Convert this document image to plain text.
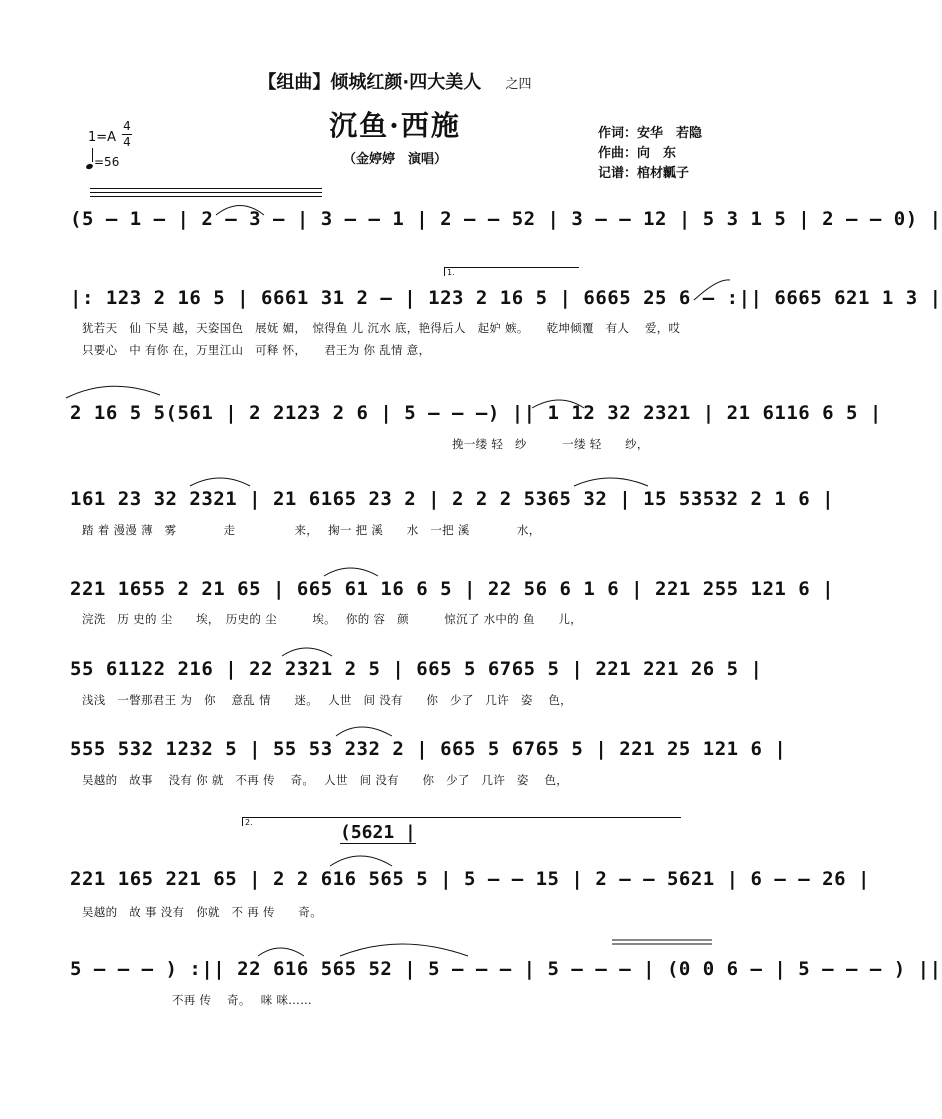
【组曲】倾城红颜·四大美人 之四
沉鱼·西施
（金婷婷　演唱）
作词：安华　若隐
作曲：向　东
记谱：棺材瓤子
1=A
4
4
=56
(5 – 1 – | 2 – 3 – | 3 – – 1 | 2 – – 52 | 3 – – 12 | 5 3 1 5 | 2 – – 0) |
1.
|: 123 2 16 5 | 6661 31 2 – | 123 2 16 5 | 6665 25 6 – :|| 6665 621 1 3 |
犹若天　仙 下吴 越，天姿国色　展妩 媚，　惊得鱼 儿 沉水 底，艳得后人　起妒 嫉。　　乾坤倾覆　有人　 爱，哎
只要心　中 有你 在，万里江山　可释 怀，　　君王为 你 乱情 意，
2 16 5 5(561 | 2 2123 2 6 | 5 – – –) || 1 12 32 2321 | 21 6116 6 5 |
挽一缕 轻　纱　　　一缕 轻　　纱，
161 23 32 2321 | 21 6165 23 2 | 2 2 2 5365 32 | 15 53532 2 1 6 |
踏 着 漫漫 薄　雾　　　　走　　　　　来，　 掬一 把 溪　　水　一把 溪　　　　水，
221 1655 2 21 65 | 665 61 16 6 5 | 22 56 6 1 6 | 221 255 121 6 |
浣洗　历 史的 尘　　埃，　历史的 尘　　　埃。　 你的 容　颜　　　惊沉了 水中的 鱼　　儿，
55 61122 216 | 22 2321 2 5 | 665 5 6765 5 | 221 221 26 5 |
浅浅　一瞥那君王 为　你　 意乱 情　　迷。　 人世　间 没有　　你　少了　几许　姿　 色，
555 532 1232 5 | 55 53 232 2 | 665 5 6765 5 | 221 25 121 6 |
吴越的　故事　 没有 你 就　不再 传　 奇。　 人世　间 没有　　你　少了　几许　姿　 色，
2.	(5621 |
221 165 221 65 | 2 2 616 565 5 | 5 – – 15 | 2 – – 5621 | 6 – – 26 |
吴越的　故 事 没有　你就　不 再 传　　奇。
5 – – – ) :|| 22 616 565 52 | 5 – – – | 5 – – – | (0 0 6 – | 5 – – – ) ||
不再 传　 奇。　 咪 咪……
